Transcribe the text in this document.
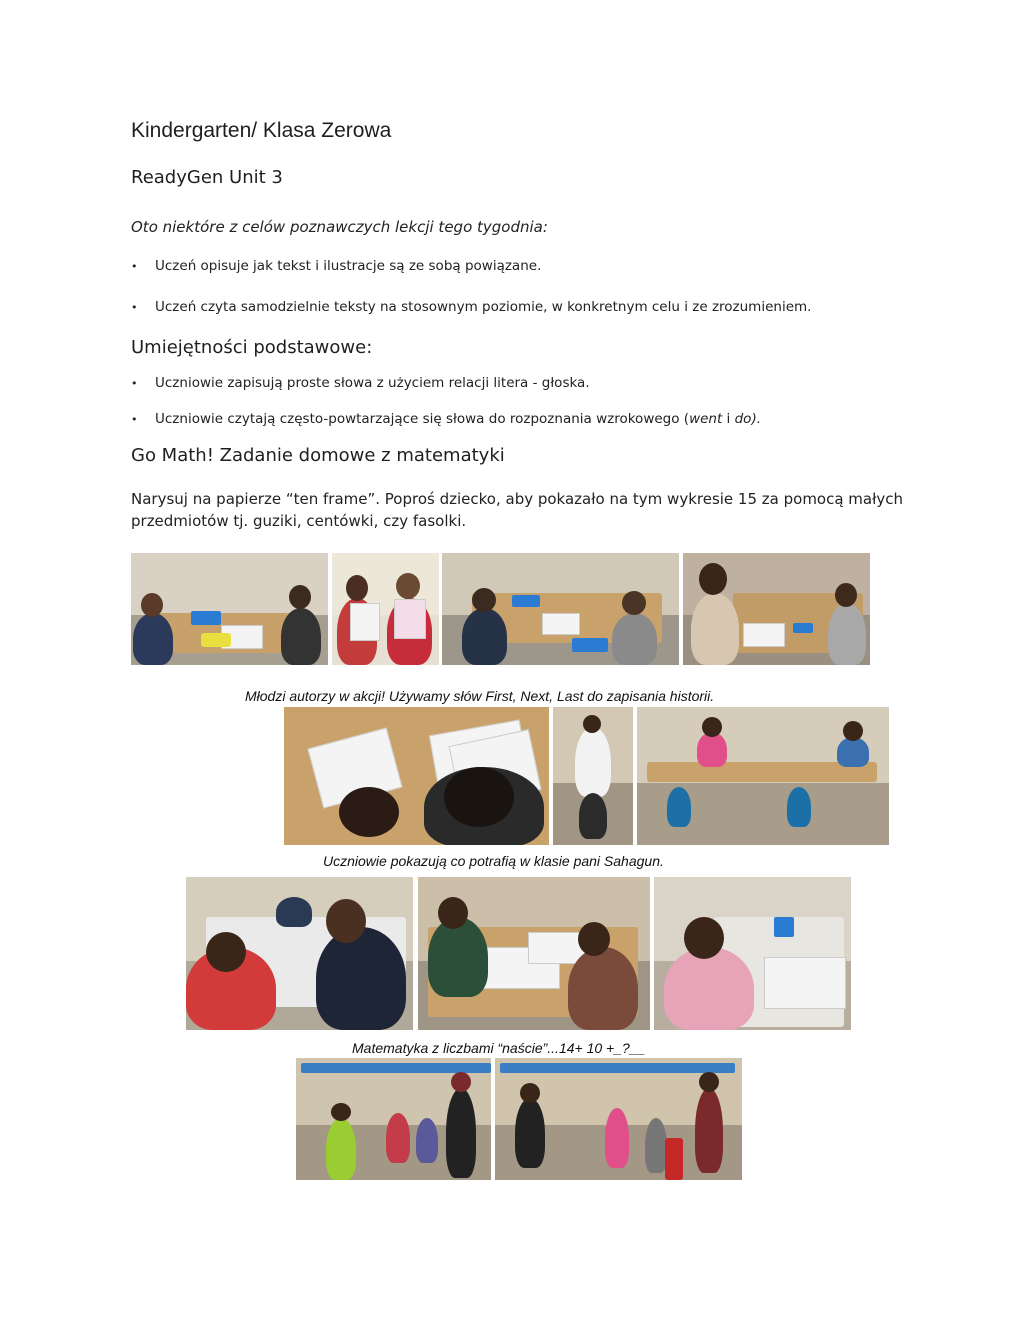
Kindergarten/ Klasa Zerowa
ReadyGen Unit 3
Oto niektóre z celów poznawczych lekcji tego tygodnia:
•	Uczeń opisuje jak tekst i ilustracje są ze sobą powiązane.
•	Uczeń czyta samodzielnie teksty na stosownym poziomie, w konkretnym celu i ze zrozumieniem.
Umiejętności podstawowe:
•	Uczniowie zapisują proste słowa z użyciem relacji litera - głoska.
•	Uczniowie czytają często-powtarzające się słowa do rozpoznania wzrokowego (went i do).
Go Math! Zadanie domowe z matematyki
Narysuj na papierze “ten frame”. Poproś dziecko, aby pokazało na tym wykresie 15 za pomocą małych przedmiotów tj. guziki, centówki, czy fasolki.
Młodzi autorzy w akcji! Używamy słów First, Next, Last do zapisania historii.
Uczniowie pokazują co potrafią w klasie pani Sahagun.
Matematyka z liczbami “naście”...14+ 10 +_?__
